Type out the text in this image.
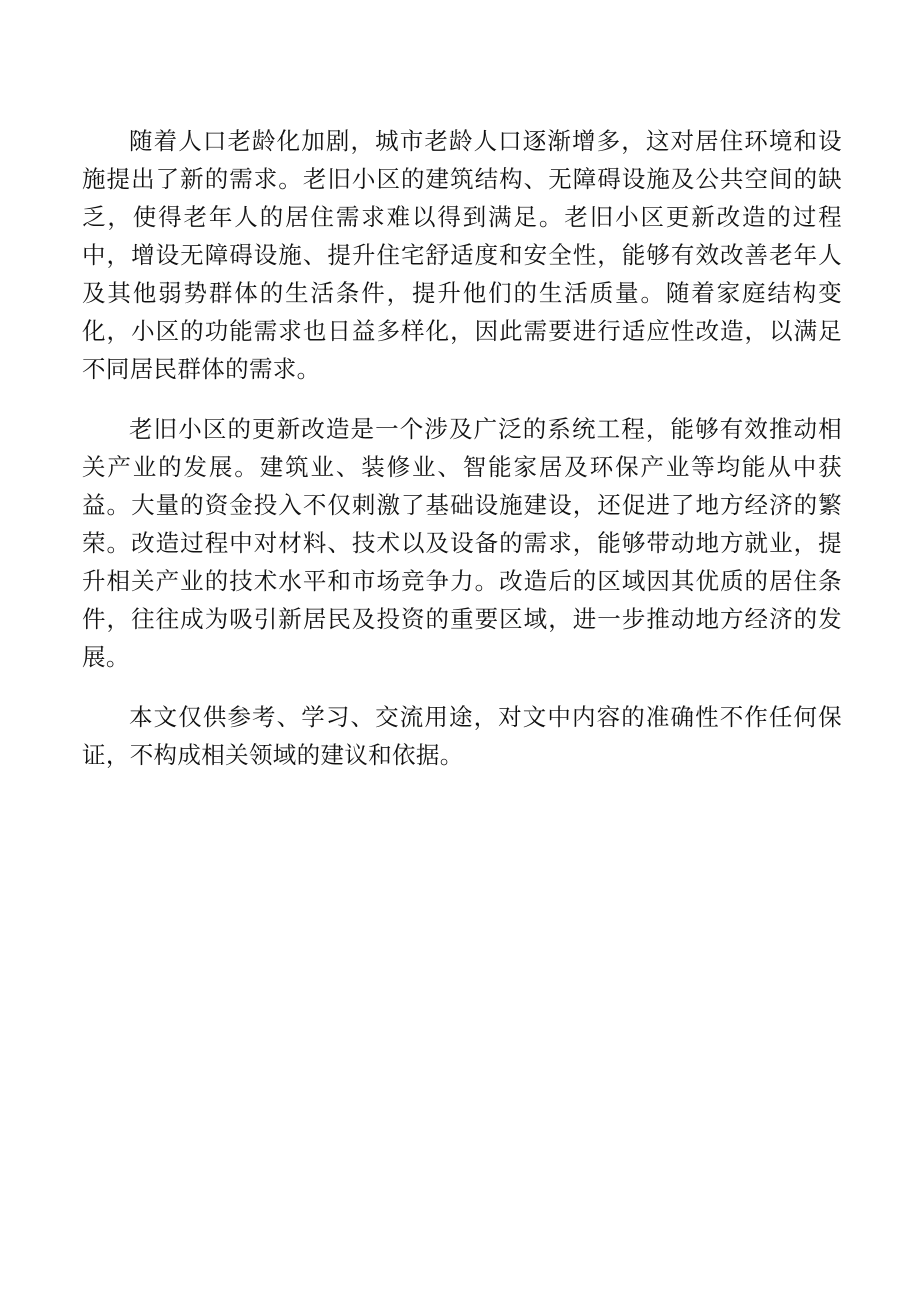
随着人口老龄化加剧，城市老龄人口逐渐增多，这对居住环境和设施提出了新的需求。老旧小区的建筑结构、无障碍设施及公共空间的缺乏，使得老年人的居住需求难以得到满足。老旧小区更新改造的过程中，增设无障碍设施、提升住宅舒适度和安全性，能够有效改善老年人及其他弱势群体的生活条件，提升他们的生活质量。随着家庭结构变化，小区的功能需求也日益多样化，因此需要进行适应性改造，以满足不同居民群体的需求。

老旧小区的更新改造是一个涉及广泛的系统工程，能够有效推动相关产业的发展。建筑业、装修业、智能家居及环保产业等均能从中获益。大量的资金投入不仅刺激了基础设施建设，还促进了地方经济的繁荣。改造过程中对材料、技术以及设备的需求，能够带动地方就业，提升相关产业的技术水平和市场竞争力。改造后的区域因其优质的居住条件，往往成为吸引新居民及投资的重要区域，进一步推动地方经济的发展。

本文仅供参考、学习、交流用途，对文中内容的准确性不作任何保证，不构成相关领域的建议和依据。
